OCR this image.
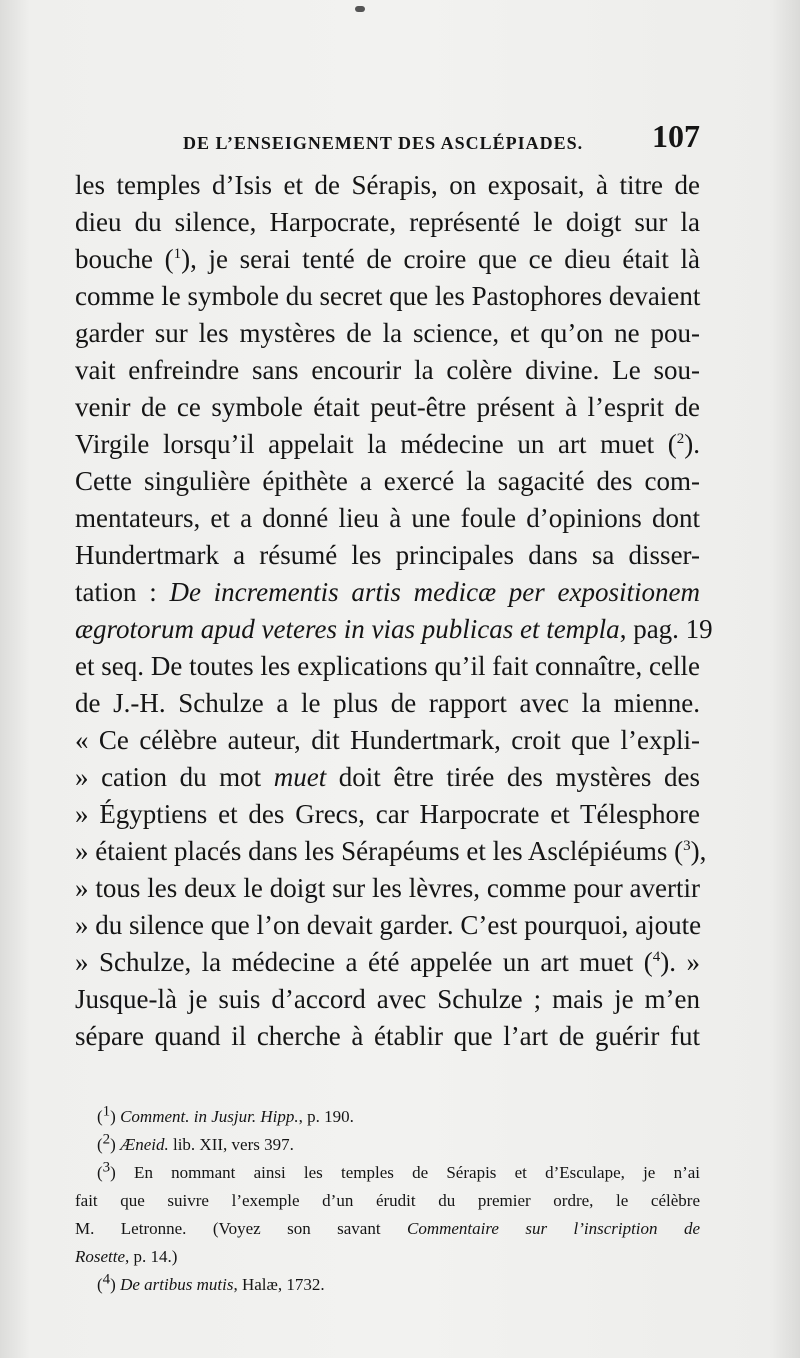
DE L’ENSEIGNEMENT DES ASCLÉPIADES. 107
les temples d’Isis et de Sérapis, on exposait, à titre de
dieu du silence, Harpocrate, représenté le doigt sur la
bouche ($^1$), je serai tenté de croire que ce dieu était là
comme le symbole du secret que les Pastophores devaient
garder sur les mystères de la science, et qu’on ne pou-
vait enfreindre sans encourir la colère divine. Le sou-
venir de ce symbole était peut-être présent à l’esprit de
Virgile lorsqu’il appelait la médecine un art muet ($^2$).
Cette singulière épithète a exercé la sagacité des com-
mentateurs, et a donné lieu à une foule d’opinions dont
Hundertmark a résumé les principales dans sa disser-
tation : De incrementis artis medicæ per expositionem
ægrotorum apud veteres in vias publicas et templa, pag. 19
et seq. De toutes les explications qu’il fait connaître, celle
de J.-H. Schulze a le plus de rapport avec la mienne.
« Ce célèbre auteur, dit Hundertmark, croit que l’expli-
» cation du mot muet doit être tirée des mystères des
» Égyptiens et des Grecs, car Harpocrate et Télesphore
» étaient placés dans les Sérapéums et les Asclépiéums ($^3$),
» tous les deux le doigt sur les lèvres, comme pour avertir
» du silence que l’on devait garder. C’est pourquoi, ajoute
» Schulze, la médecine a été appelée un art muet ($^4$). »
Jusque-là je suis d’accord avec Schulze ; mais je m’en
sépare quand il cherche à établir que l’art de guérir fut
($^1$) Comment. in Jusjur. Hipp., p. 190.
($^2$) Æneid. lib. XII, vers 397.
($^3$) En nommant ainsi les temples de Sérapis et d’Esculape, je n’ai
fait que suivre l’exemple d’un érudit du premier ordre, le célèbre
M. Letronne. (Voyez son savant Commentaire sur l’inscription de
Rosette, p. 14.)
($^4$) De artibus mutis, Halæ, 1732.
